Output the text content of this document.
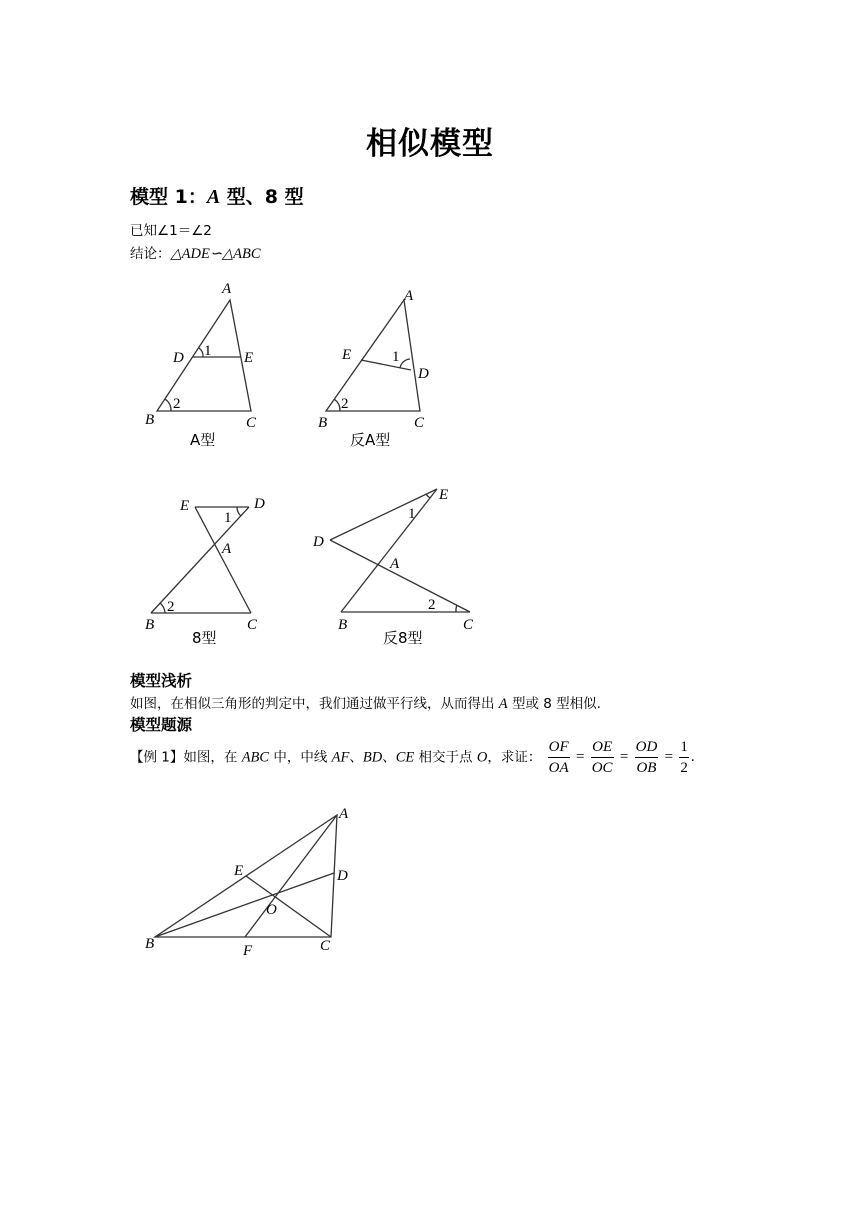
相似模型
模型 1：A 型、8 型
已知∠1＝∠2
结论：△ADE∽△ABC
A
D	E
B	C
1
2
A型
A
E
D
B	C
1
2
反A型
E	D
A
B	C
1
2
8型
D
E
A
B	C
1
2
反8型
A
E	D
O
B	F	C
模型浅析
如图，在相似三角形的判定中，我们通过做平行线，从而得出 A 型或 8 型相似.
模型题源
【例 1】如图，在 ABC 中，中线 AF、BD、CE 相交于点 O，求证： $\frac{OF}{OA} = \frac{OE}{OC} = \frac{OD}{OB} = \frac{1}{2}$ .
